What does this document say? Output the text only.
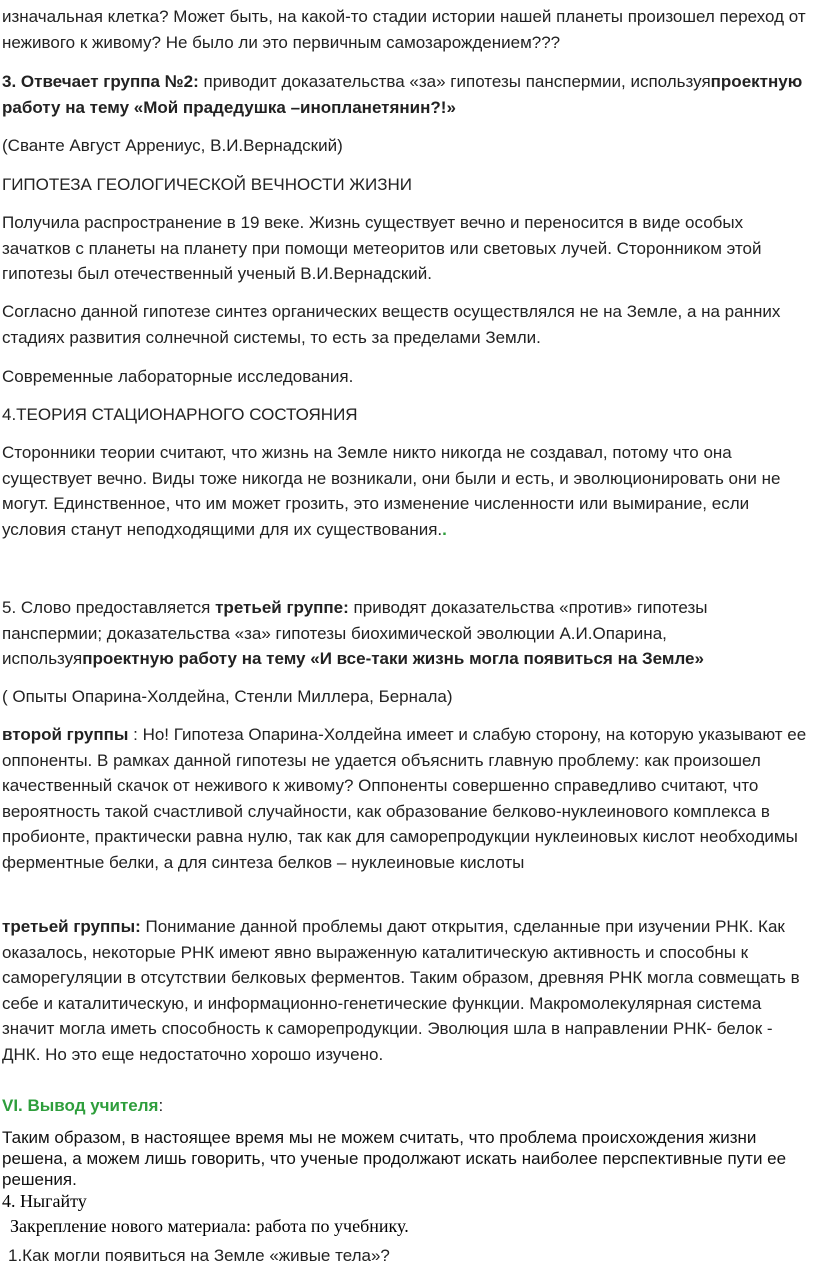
изначальная клетка? Может быть, на какой-то стадии истории нашей планеты произошел переход от неживого к живому? Не было ли это первичным самозарождением???

3. Отвечает группа №2: приводит доказательства «за» гипотезы панспермии, используяпроектную работу на тему «Мой прадедушка –инопланетянин?!»

(Сванте Август Аррениус, В.И.Вернадский)

ГИПОТЕЗА ГЕОЛОГИЧЕСКОЙ ВЕЧНОСТИ ЖИЗНИ

Получила распространение в 19 веке. Жизнь существует вечно и переносится в виде особых зачатков с планеты на планету при помощи метеоритов или световых лучей. Сторонником этой гипотезы был отечественный ученый В.И.Вернадский.

Согласно данной гипотезе синтез органических веществ осуществлялся не на Земле, а на ранних стадиях развития солнечной системы, то есть за пределами Земли.

Современные лабораторные исследования.

4.ТЕОРИЯ СТАЦИОНАРНОГО СОСТОЯНИЯ

Сторонники теории считают, что жизнь на Земле никто никогда не создавал, потому что она существует вечно. Виды тоже никогда не возникали, они были и есть, и эволюционировать они не могут. Единственное, что им может грозить, это изменение численности или вымирание, если условия станут неподходящими для их существования..

5. Слово предоставляется третьей группе: приводят доказательства «против» гипотезы панспермии; доказательства «за» гипотезы биохимической эволюции А.И.Опарина, используяпроектную работу на тему «И все-таки жизнь могла появиться на Земле»

( Опыты Опарина-Холдейна, Стенли Миллера, Бернала)

второй группы : Но! Гипотеза Опарина-Холдейна имеет и слабую сторону, на которую указывают ее оппоненты. В рамках данной гипотезы не удается объяснить главную проблему: как произошел качественный скачок от неживого к живому? Оппоненты совершенно справедливо считают, что вероятность такой счастливой случайности, как образование белково-нуклеинового комплекса в пробионте, практически равна нулю, так как для саморепродукции нуклеиновых кислот необходимы ферментные белки, а для синтеза белков – нуклеиновые кислоты

третьей группы: Понимание данной проблемы дают открытия, сделанные при изучении РНК. Как оказалось, некоторые РНК имеют явно выраженную каталитическую активность и способны к саморегуляции в отсутствии белковых ферментов. Таким образом, древняя РНК могла совмещать в себе и каталитическую, и информационно-генетические функции. Макромолекулярная система значит могла иметь способность к саморепродукции. Эволюция шла в направлении РНК- белок - ДНК. Но это еще недостаточно хорошо изучено.

VI. Вывод учителя:

Таким образом, в настоящее время мы не можем считать, что проблема происхождения жизни решена, а можем лишь говорить, что ученые продолжают искать наиболее перспективные пути ее решения.

4. Ныгайту

Закрепление нового материала: работа по учебнику.

1.Как могли появиться на Земле «живые тела»?
